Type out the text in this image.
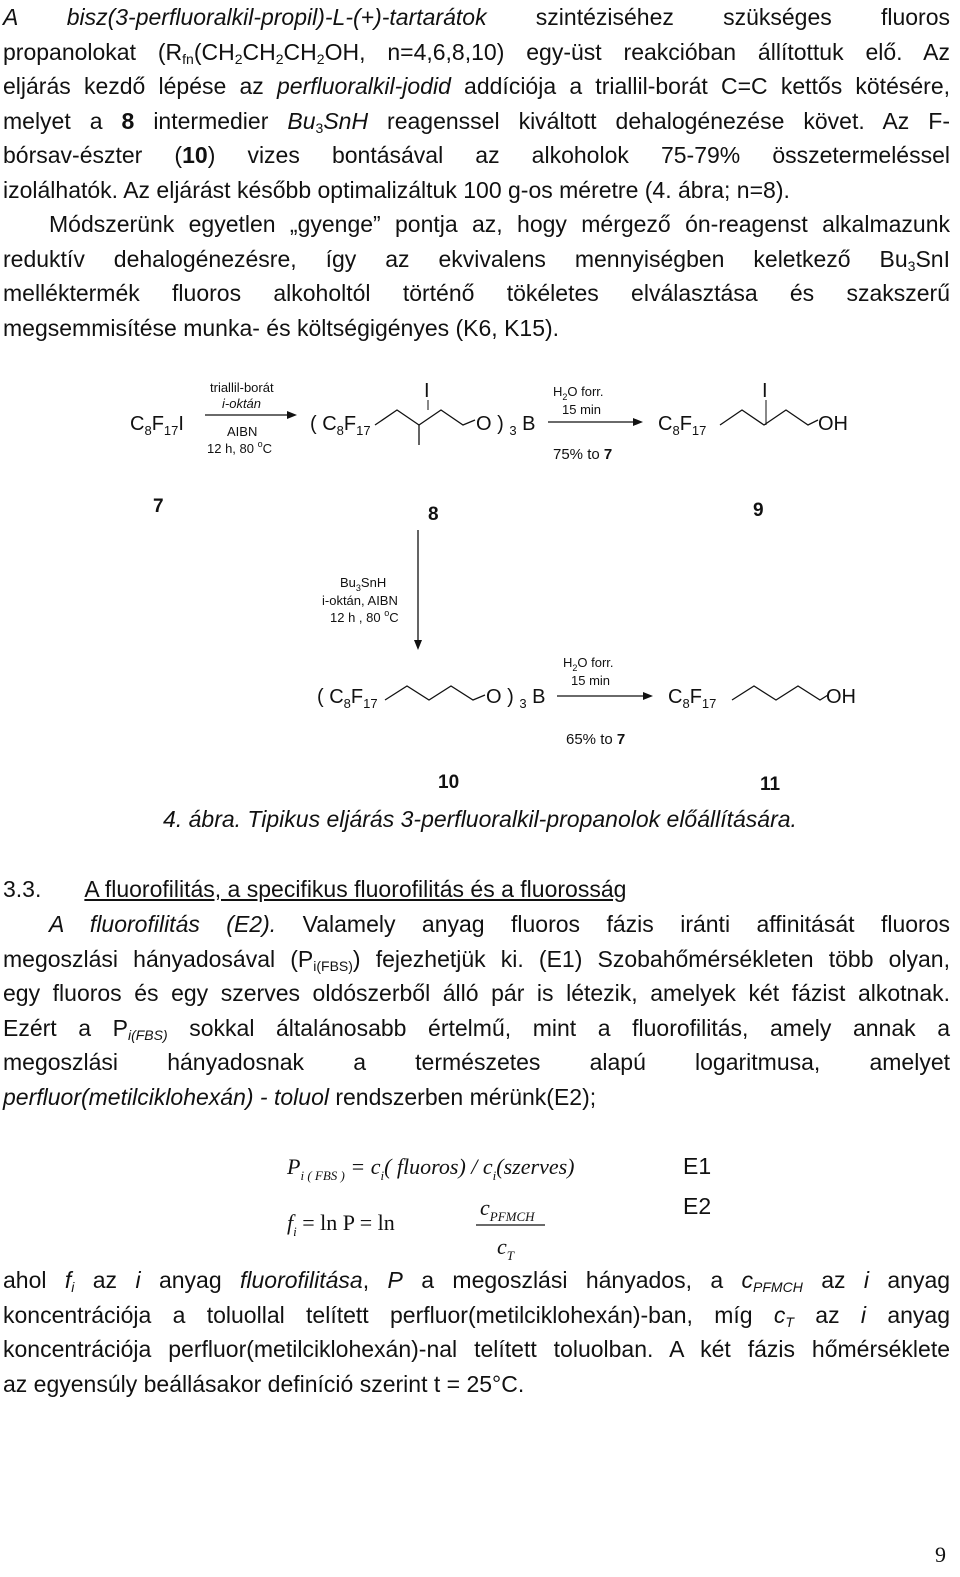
A bisz(3-perfluoralkil-propil)-L-(+)-tartarátok szintéziséhez szükséges fluoros
propanolokat ($R_{fn}(CH_2CH_2CH_2OH$, n=4,6,8,10) egy-üst reakcióban állítottuk elő. Az
eljárás kezdő lépése az perfluoralkil-jodid addíciója a triallil-borát C=C kettős kötésére,
melyet a 8 intermedier $Bu_3SnH$ reagenssel kiváltott dehalogénezése követ. Az F-
bórsav-észter (10) vizes bontásával az alkoholok 75-79% összetermeléssel
izolálhatók. Az eljárást később optimalizáltuk 100 g-os méretre (4. ábra; n=8).
Módszerünk egyetlen „gyenge” pontja az, hogy mérgező ón-reagenst alkalmazunk
reduktív dehalogénezésre, így az ekvivalens mennyiségben keletkező $Bu_3SnI$
melléktermék fluoros alkoholtól történő tökéletes elválasztása és szakszerű
megsemmisítése munka- és költségigényes (K6, K15).
$C_8F_{17}I$
triallil-borát
i-oktán
AIBN
12 h, 80 $^o$C
( $C_8F_{17}$
I
O ) $_3$ B
$H_2O$ forr.
15 min
75% to 7
$C_8F_{17}$
I
OH
7	8	9
$Bu_3SnH$
i-oktán, AIBN
12 h , 80 $^o$C
( $C_8F_{17}$	O ) $_3$ B
$H_2O$ forr.
15 min
65% to 7
$C_8F_{17}$	OH
10	11
4. ábra. Tipikus eljárás 3-perfluoralkil-propanolok előállítására.
3.3. A fluorofilitás, a specifikus fluorofilitás és a fluorosság
A fluorofilitás (E2). Valamely anyag fluoros fázis iránti affinitását fluoros
megoszlási hányadosával $(P_{i(FBS)})$ fejezhetjük ki. (E1) Szobahőmérsékleten több olyan,
egy fluoros és egy szerves oldószerből álló pár is létezik, amelyek két fázist alkotnak.
Ezért a $P_{i(FBS)}$ sokkal általánosabb értelmű, mint a fluorofilitás, amely annak a
megoszlási hányadosnak a természetes alapú logaritmusa, amelyet
perfluor(metilciklohexán) - toluol rendszerben mérünk(E2);
$P_{i ( FBS )} = c_i$( fluoros) / $c_i(szerves)$	E1
$f_i = \ln P = \ln$
$c_{PFMCH}$
$c_T$
E2
ahol $f_i$ az i anyag fluorofilitása, P a megoszlási hányados, a $c_{PFMCH}$ az i anyag
koncentrációja a toluollal telített perfluor(metilciklohexán)-ban, míg $c_T$ az i anyag
koncentrációja perfluor(metilciklohexán)-nal telített toluolban. A két fázis hőmérséklete
az egyensúly beállásakor definíció szerint t = 25°C.
9
